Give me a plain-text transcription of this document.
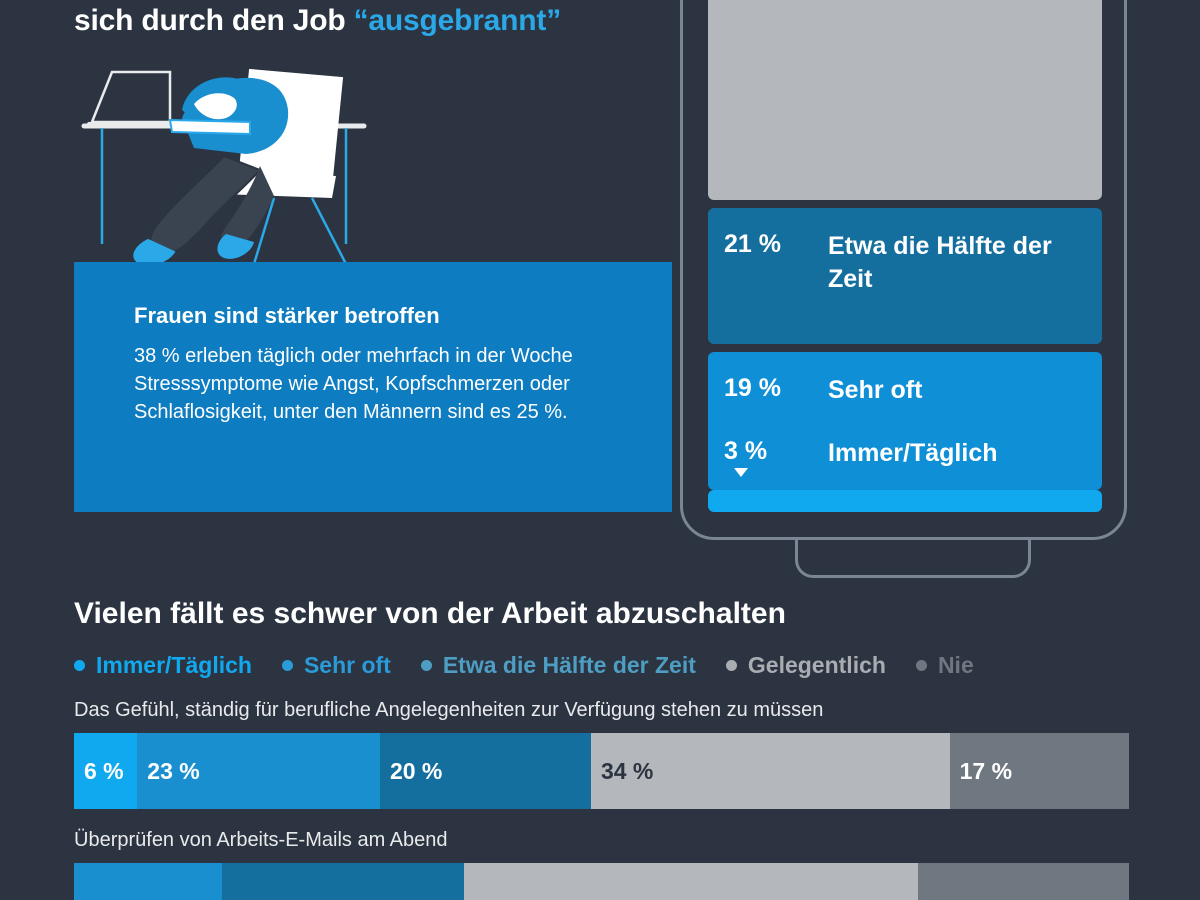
sich durch den Job “ausgebrannt”
Frauen sind stärker betroffen

38 % erleben täglich oder mehrfach in der Woche Stresssymptome wie Angst, Kopfschmerzen oder Schlaflosigkeit, unter den Männern sind es 25 %.

21 %	Etwa die Hälfte der Zeit
19 %	Sehr oft
3 %	Immer/Täglich
Vielen fällt es schwer von der Arbeit abzuschalten
Immer/Täglich Sehr oft Etwa die Hälfte der Zeit Gelegentlich Nie
Das Gefühl, ständig für berufliche Angelegenheiten zur Verfügung stehen zu müssen
6 %	23 %	20 %	34 %	17 %
Überprüfen von Arbeits-E-Mails am Abend
